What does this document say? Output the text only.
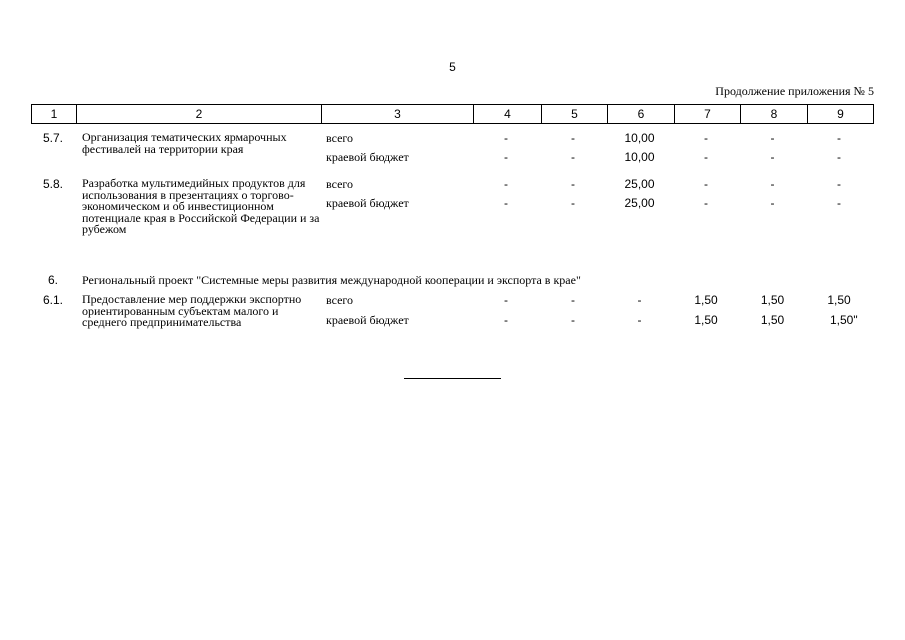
5
Продолжение приложения № 5
1	2	3	4	5	6	7	8	9
5.7.	Организация тематических ярмарочных фестивалей на территории края
всего	-	-	10,00	-	-	-
краевой бюджет	-	-	10,00	-	-	-
5.8.	Разработка мультимедийных продуктов для использования в презентациях о торгово-экономическом и об инвестиционном потенциале края в Российской Федерации и за рубежом
всего	-	-	25,00	-	-	-
краевой бюджет	-	-	25,00	-	-	-
6.	Региональный проект "Системные меры развития международной кооперации и экспорта в крае"
6.1.	Предоставление мер поддержки экспортно ориентированным субъектам малого и среднего предпринимательства
всего	-	-	-	1,50	1,50	1,50
краевой бюджет	-	-	-	1,50	1,50	1,50"
